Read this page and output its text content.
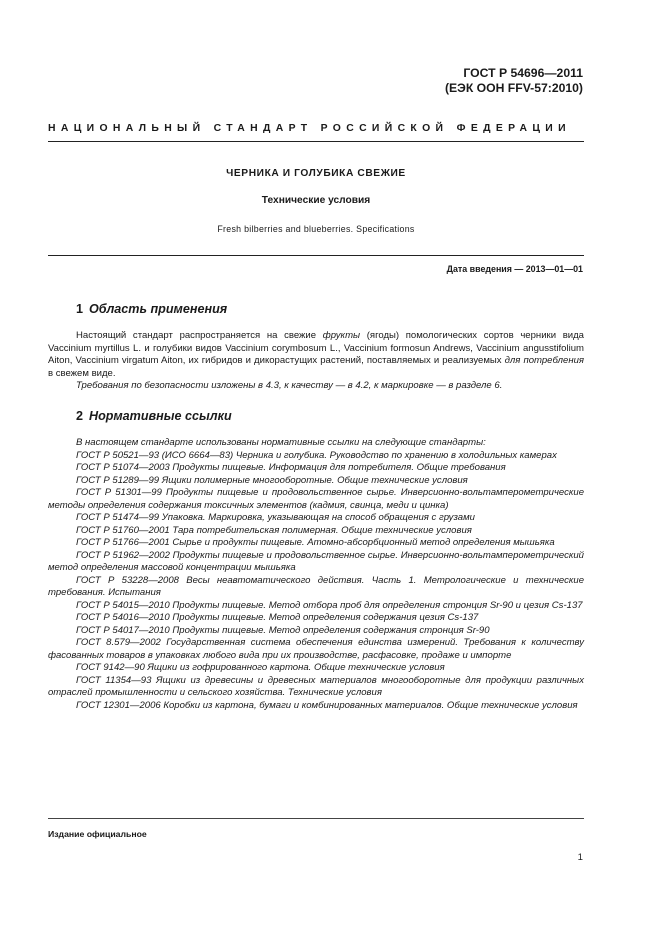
ГОСТ Р 54696—2011
(ЕЭК ООН FFV-57:2010)
НАЦИОНАЛЬНЫЙ СТАНДАРТ РОССИЙСКОЙ ФЕДЕРАЦИИ
ЧЕРНИКА И ГОЛУБИКА СВЕЖИЕ
Технические условия
Fresh bilberries and blueberries. Specifications
Дата введения — 2013—01—01
1 Область применения

Настоящий стандарт распространяется на свежие фрукты (ягоды) помологических сортов черники вида Vaccinium myrtillus L. и голубики видов Vaccinium corymbosum L., Vaccinium formosun Andrews, Vaccinium angusstifolium Aiton, Vaccinium virgatum Aiton, их гибридов и дикорастущих растений, поставляемых и реализуемых для потребления в свежем виде.

Требования по безопасности изложены в 4.3, к качеству — в 4.2, к маркировке — в разделе 6.

2 Нормативные ссылки

В настоящем стандарте использованы нормативные ссылки на следующие стандарты:

ГОСТ Р 50521—93 (ИСО 6664—83) Черника и голубика. Руководство по хранению в холодильных камерах

ГОСТ Р 51074—2003 Продукты пищевые. Информация для потребителя. Общие требования

ГОСТ Р 51289—99 Ящики полимерные многооборотные. Общие технические условия

ГОСТ Р 51301—99 Продукты пищевые и продовольственное сырье. Инверсионно-вольтамперометрические методы определения содержания токсичных элементов (кадмия, свинца, меди и цинка)

ГОСТ Р 51474—99 Упаковка. Маркировка, указывающая на способ обращения с грузами

ГОСТ Р 51760—2001 Тара потребительская полимерная. Общие технические условия

ГОСТ Р 51766—2001 Сырье и продукты пищевые. Атомно-абсорбционный метод определения мышьяка

ГОСТ Р 51962—2002 Продукты пищевые и продовольственное сырье. Инверсионно-вольтамперометрический метод определения массовой концентрации мышьяка

ГОСТ Р 53228—2008 Весы неавтоматического действия. Часть 1. Метрологические и технические требования. Испытания

ГОСТ Р 54015—2010 Продукты пищевые. Метод отбора проб для определения стронция Sr-90 и цезия Cs-137

ГОСТ Р 54016—2010 Продукты пищевые. Метод определения содержания цезия Cs-137

ГОСТ Р 54017—2010 Продукты пищевые. Метод определения содержания стронция Sr-90

ГОСТ 8.579—2002 Государственная система обеспечения единства измерений. Требования к количеству фасованных товаров в упаковках любого вида при их производстве, расфасовке, продаже и импорте

ГОСТ 9142—90 Ящики из гофрированного картона. Общие технические условия

ГОСТ 11354—93 Ящики из древесины и древесных материалов многооборотные для продукции различных отраслей промышленности и сельского хозяйства. Технические условия

ГОСТ 12301—2006 Коробки из картона, бумаги и комбинированных материалов. Общие технические условия

Издание официальное
1
